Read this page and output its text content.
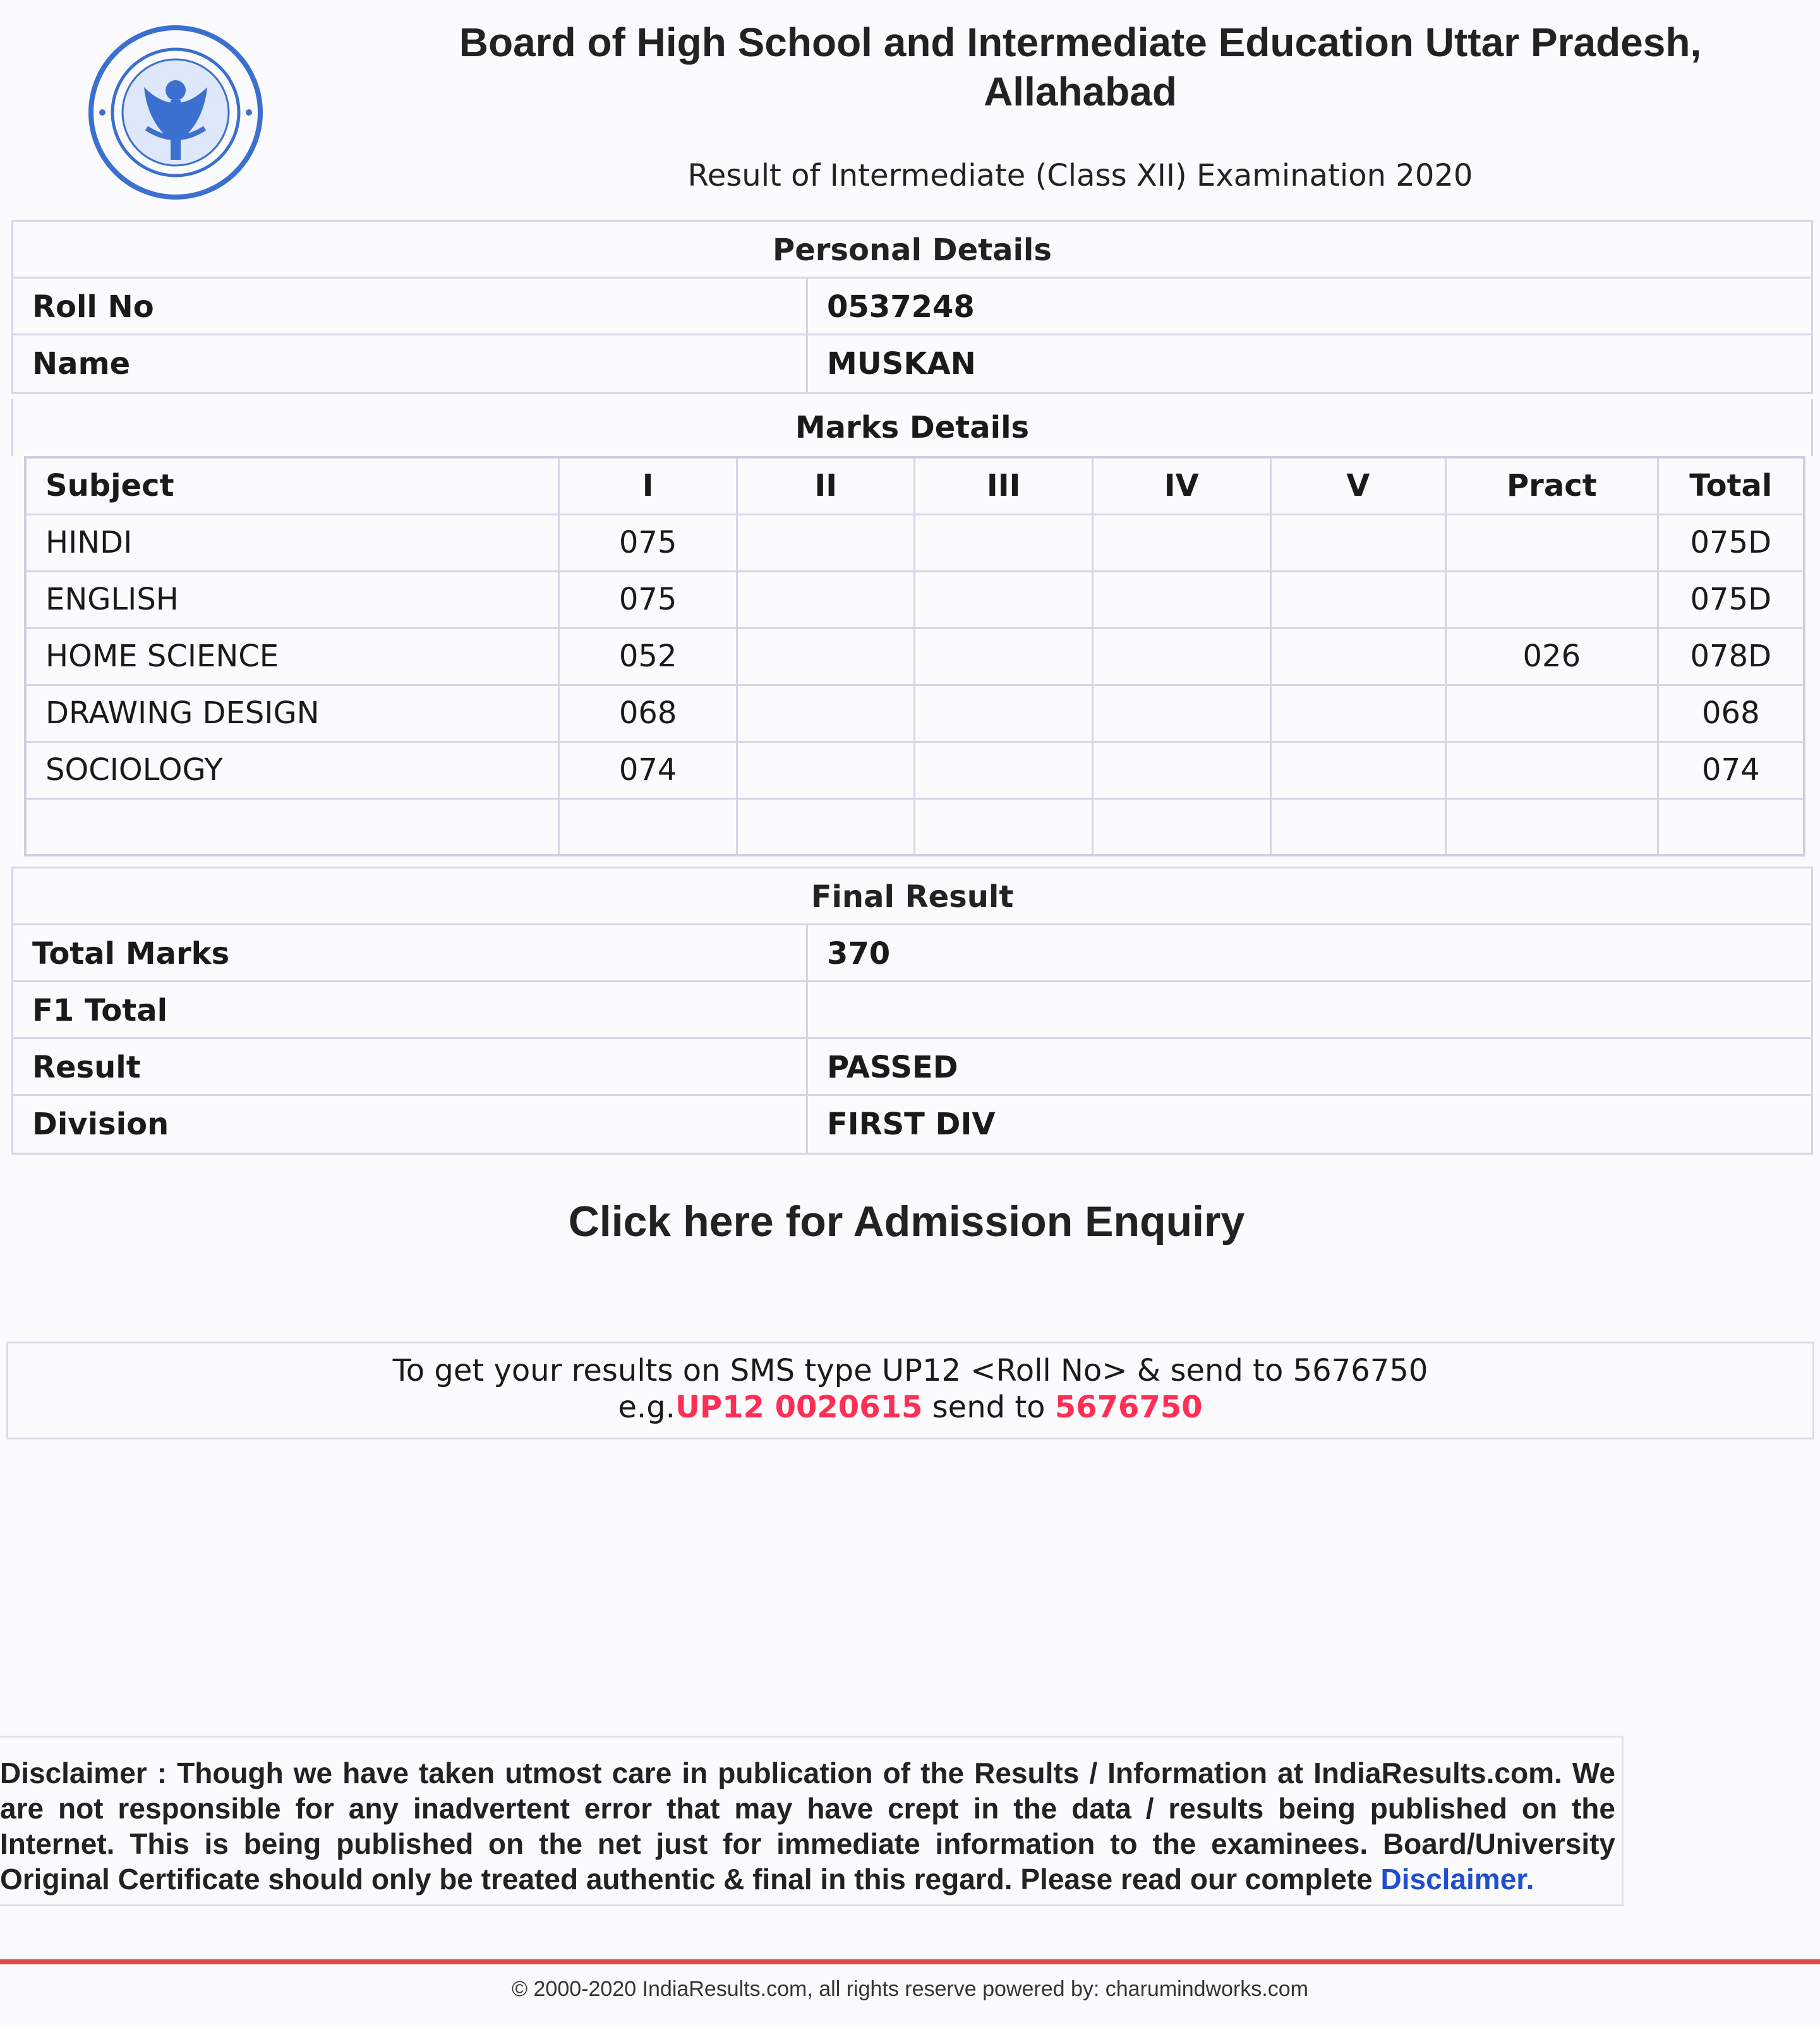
Board of High School and Intermediate Education Uttar Pradesh,
Allahabad
Result of Intermediate (Class XII) Examination 2020
Personal Details
Roll No	0537248
Name	MUSKAN
Marks Details
Subject	I	II	III	IV	V	Pract	Total
HINDI	075						075D
ENGLISH	075						075D
HOME SCIENCE	052					026	078D
DRAWING DESIGN	068						068
SOCIOLOGY	074						074

Final Result
Total Marks	370
F1 Total
Result	PASSED
Division	FIRST DIV
Click here for Admission Enquiry
To get your results on SMS type UP12 <Roll No> & send to 5676750
e.g.UP12 0020615 send to 5676750
Disclaimer : Though we have taken utmost care in publication of the Results / Information at IndiaResults.com. We are not responsible for any inadvertent error that may have crept in the data / results being published on the Internet. This is being published on the net just for immediate information to the examinees. Board/University Original Certificate should only be treated authentic & final in this regard. Please read our complete Disclaimer.
© 2000-2020 IndiaResults.com, all rights reserve powered by: charumindworks.com
